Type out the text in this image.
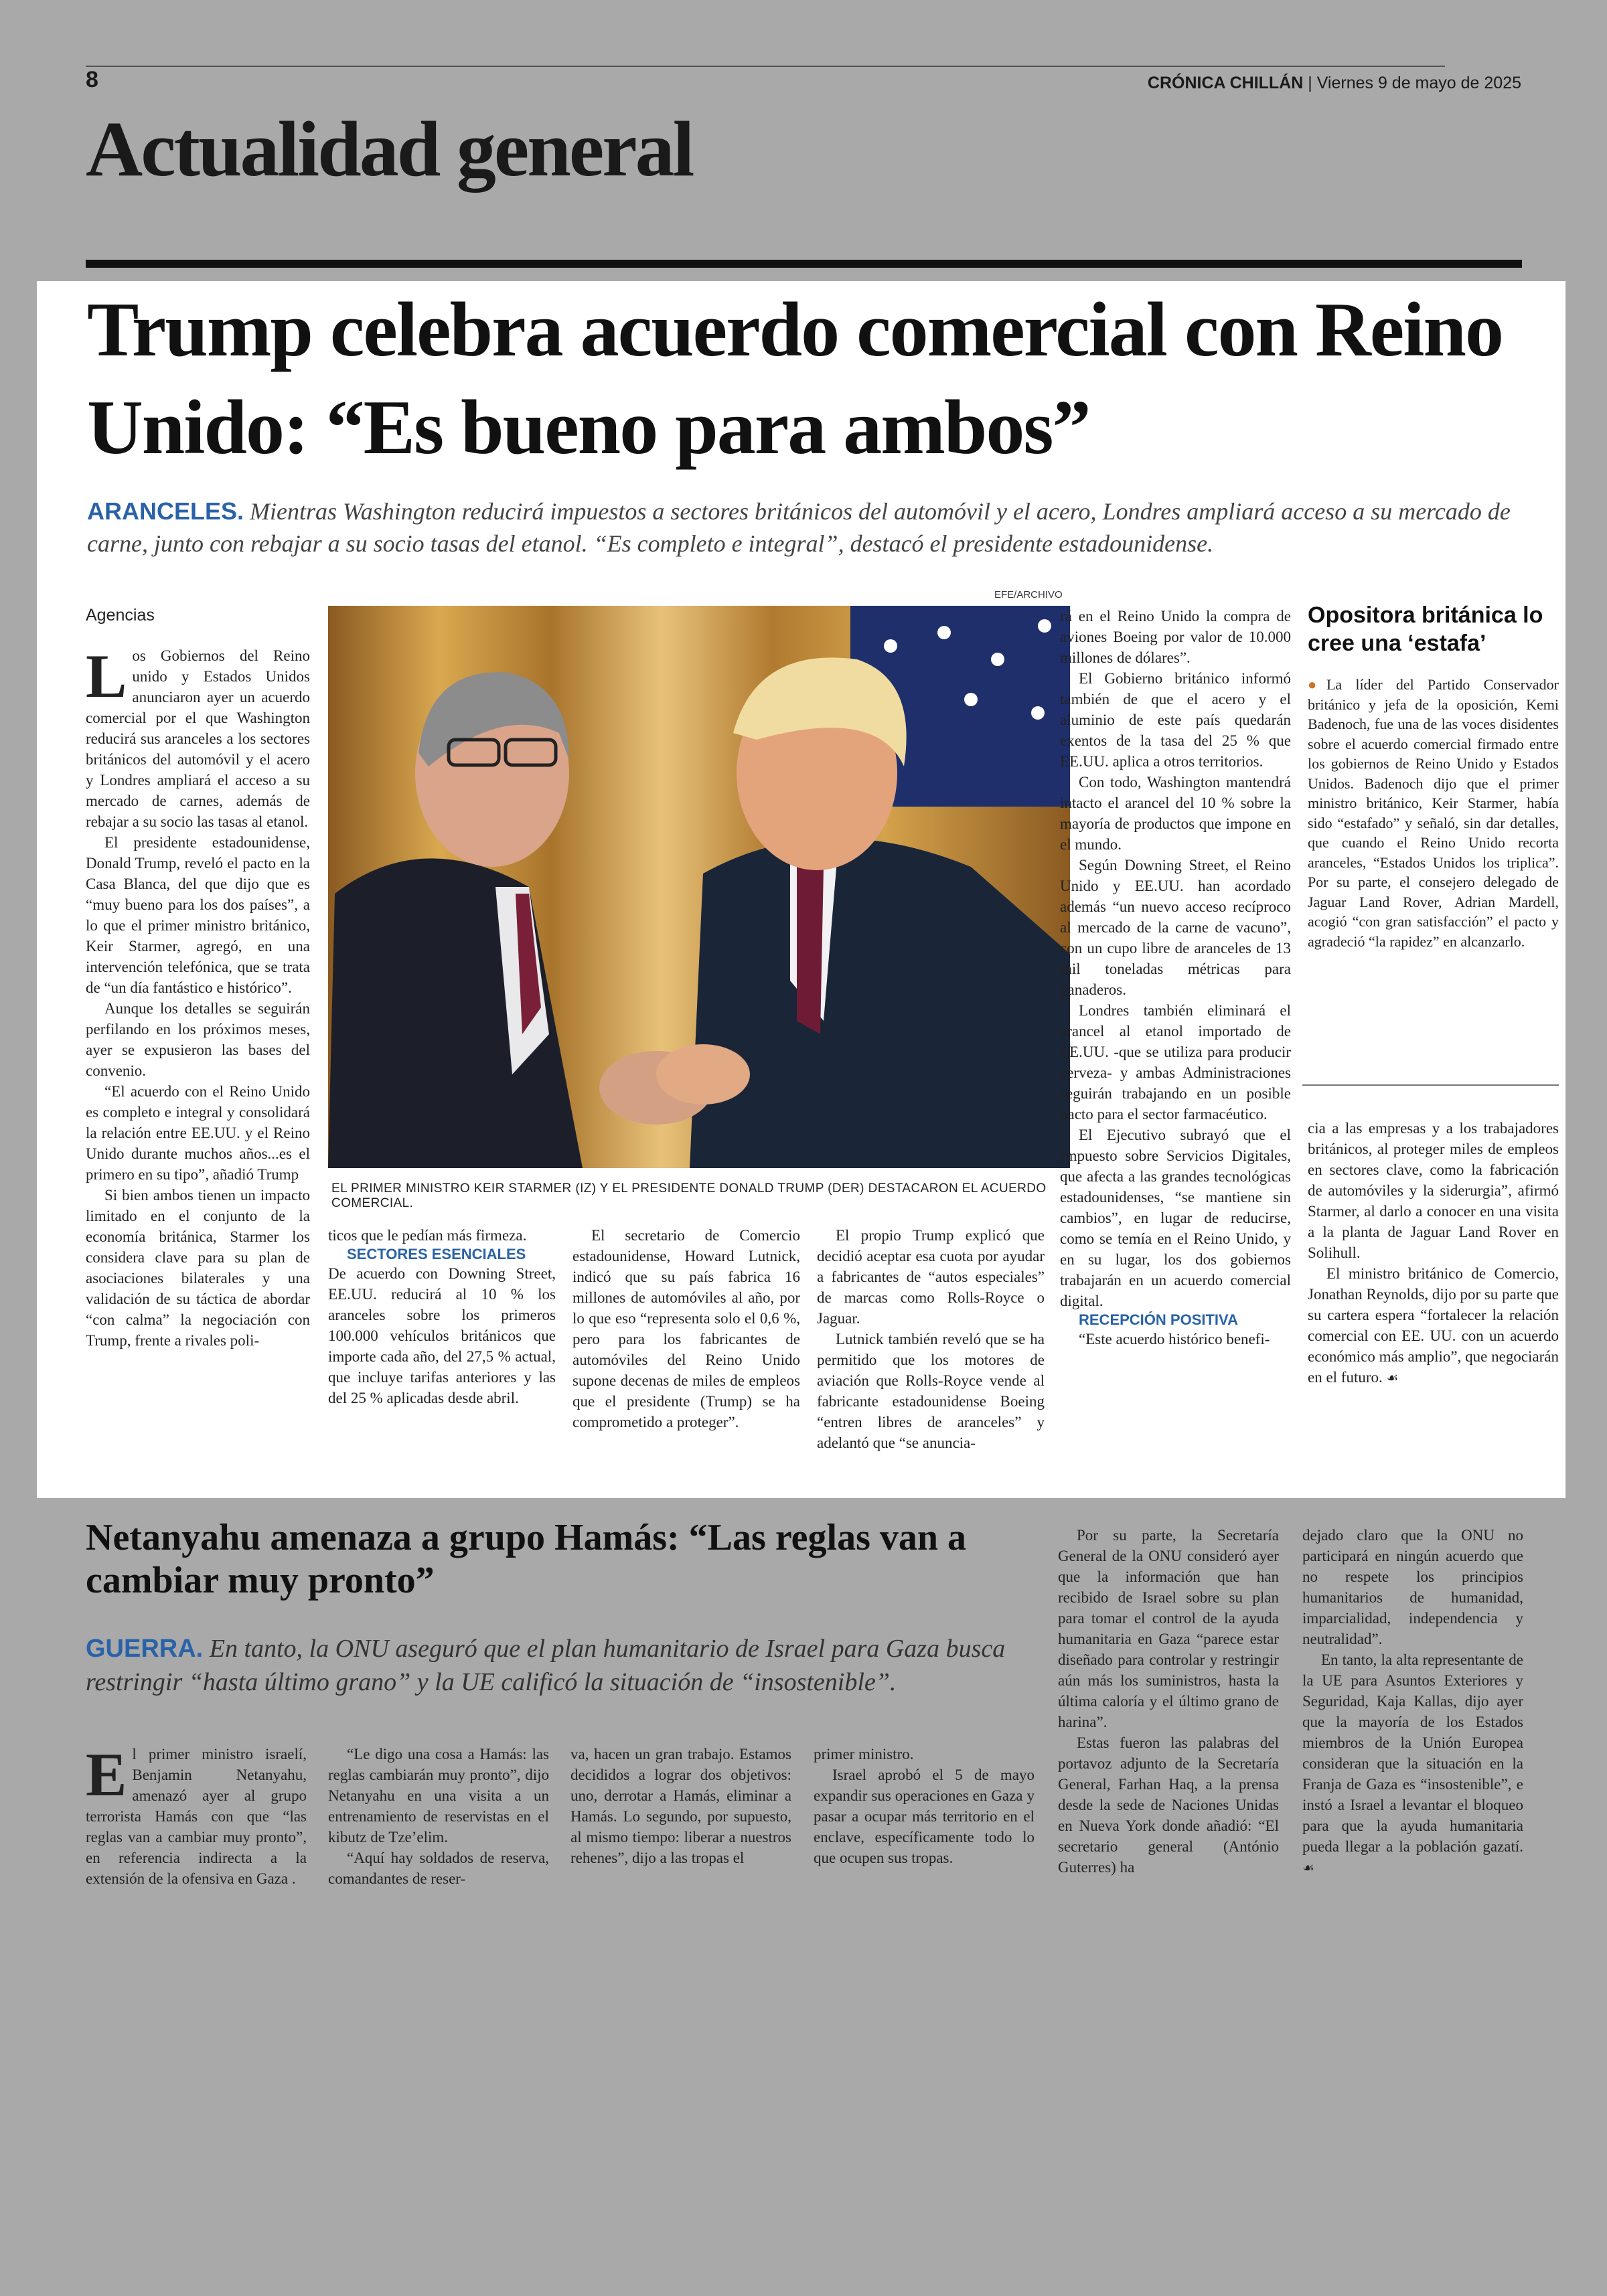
8	CRÓNICA CHILLÁN | Viernes 9 de mayo de 2025
Actualidad general
Trump celebra acuerdo comercial con Reino Unido: “Es bueno para ambos”
ARANCELES. Mientras Washington reducirá impuestos a sectores británicos del automóvil y el acero, Londres ampliará acceso a su mercado de carne, junto con rebajar a su socio tasas del etanol. “Es completo e integral”, destacó el presidente estadounidense.

Agencias

Los Gobiernos del Reino unido y Estados Unidos anunciaron ayer un acuerdo comercial por el que Washington reducirá sus aranceles a los sectores británicos del automóvil y el acero y Londres ampliará el acceso a su mercado de carnes, además de rebajar a su socio las tasas al etanol.

El presidente estadounidense, Donald Trump, reveló el pacto en la Casa Blanca, del que dijo que es “muy bueno para los dos países”, a lo que el primer ministro británico, Keir Starmer, agregó, en una intervención telefónica, que se trata de “un día fantástico e histórico”.

Aunque los detalles se seguirán perfilando en los próximos meses, ayer se expusieron las bases del convenio.

“El acuerdo con el Reino Unido es completo e integral y consolidará la relación entre EE.UU. y el Reino Unido durante muchos años...es el primero en su tipo”, añadió Trump

Si bien ambos tienen un impacto limitado en el conjunto de la economía británica, Starmer los considera clave para su plan de asociaciones bilaterales y una validación de su táctica de abordar “con calma” la negociación con Trump, frente a rivales poli-

EFE/ARCHIVO
EL PRIMER MINISTRO KEIR STARMER (IZ) Y EL PRESIDENTE DONALD TRUMP (DER) DESTACARON EL ACUERDO COMERCIAL.

ticos que le pedían más firmeza.

SECTORES ESENCIALES

De acuerdo con Downing Street, EE.UU. reducirá al 10 % los aranceles sobre los primeros 100.000 vehículos británicos que importe cada año, del 27,5 % actual, que incluye tarifas anteriores y las del 25 % aplicadas desde abril.

El secretario de Comercio estadounidense, Howard Lutnick, indicó que su país fabrica 16 millones de automóviles al año, por lo que eso “representa solo el 0,6 %, pero para los fabricantes de automóviles del Reino Unido supone decenas de miles de empleos que el presidente (Trump) se ha comprometido a proteger”.

El propio Trump explicó que decidió aceptar esa cuota por ayudar a fabricantes de “autos especiales” de marcas como Rolls-Royce o Jaguar.

Lutnick también reveló que se ha permitido que los motores de aviación que Rolls-Royce vende al fabricante estadounidense Boeing “entren libres de aranceles” y adelantó que “se anuncia-

rá en el Reino Unido la compra de aviones Boeing por valor de 10.000 millones de dólares”.

El Gobierno británico informó también de que el acero y el aluminio de este país quedarán exentos de la tasa del 25 % que EE.UU. aplica a otros territorios.

Con todo, Washington mantendrá intacto el arancel del 10 % sobre la mayoría de productos que impone en el mundo.

Según Downing Street, el Reino Unido y EE.UU. han acordado además “un nuevo acceso recíproco al mercado de la carne de vacuno”, con un cupo libre de aranceles de 13 mil toneladas métricas para ganaderos.

Londres también eliminará el arancel al etanol importado de EE.UU. -que se utiliza para producir cerveza- y ambas Administraciones seguirán trabajando en un posible pacto para el sector farmacéutico.

El Ejecutivo subrayó que el Impuesto sobre Servicios Digitales, que afecta a las grandes tecnológicas estadounidenses, “se mantiene sin cambios”, en lugar de reducirse, como se temía en el Reino Unido, y en su lugar, los dos gobiernos trabajarán en un acuerdo comercial digital.

RECEPCIÓN POSITIVA

“Este acuerdo histórico benefi-

Opositora británica lo cree una ‘estafa’

●La líder del Partido Conservador británico y jefa de la oposición, Kemi Badenoch, fue una de las voces disidentes sobre el acuerdo comercial firmado entre los gobiernos de Reino Unido y Estados Unidos. Badenoch dijo que el primer ministro británico, Keir Starmer, había sido “estafado” y señaló, sin dar detalles, que cuando el Reino Unido recorta aranceles, “Estados Unidos los triplica”. Por su parte, el consejero delegado de Jaguar Land Rover, Adrian Mardell, acogió “con gran satisfacción” el pacto y agradeció “la rapidez” en alcanzarlo.

cia a las empresas y a los trabajadores británicos, al proteger miles de empleos en sectores clave, como la fabricación de automóviles y la siderurgia”, afirmó Starmer, al darlo a conocer en una visita a la planta de Jaguar Land Rover en Solihull.

El ministro británico de Comercio, Jonathan Reynolds, dijo por su parte que su cartera espera “fortalecer la relación comercial con EE. UU. con un acuerdo económico más amplio”, que negociarán en el futuro. ☙

Netanyahu amenaza a grupo Hamás: “Las reglas van a cambiar muy pronto”
GUERRA. En tanto, la ONU aseguró que el plan humanitario de Israel para Gaza busca restringir “hasta último grano” y la UE calificó la situación de “insostenible”.

El primer ministro israelí, Benjamin Netanyahu, amenazó ayer al grupo terrorista Hamás con que “las reglas van a cambiar muy pronto”, en referencia indirecta a la extensión de la ofensiva en Gaza .

“Le digo una cosa a Hamás: las reglas cambiarán muy pronto”, dijo Netanyahu en una visita a un entrenamiento de reservistas en el kibutz de Tze’elim.

“Aquí hay soldados de reserva, comandantes de reser-

va, hacen un gran trabajo. Estamos decididos a lograr dos objetivos: uno, derrotar a Hamás, eliminar a Hamás. Lo segundo, por supuesto, al mismo tiempo: liberar a nuestros rehenes”, dijo a las tropas el

primer ministro.

Israel aprobó el 5 de mayo expandir sus operaciones en Gaza y pasar a ocupar más territorio en el enclave, específicamente todo lo que ocupen sus tropas.

Por su parte, la Secretaría General de la ONU consideró ayer que la información que han recibido de Israel sobre su plan para tomar el control de la ayuda humanitaria en Gaza “parece estar diseñado para controlar y restringir aún más los suministros, hasta la última caloría y el último grano de harina”.

Estas fueron las palabras del portavoz adjunto de la Secretaría General, Farhan Haq, a la prensa desde la sede de Naciones Unidas en Nueva York donde añadió: “El secretario general (António Guterres) ha

dejado claro que la ONU no participará en ningún acuerdo que no respete los principios humanitarios de humanidad, imparcialidad, independencia y neutralidad”.

En tanto, la alta representante de la UE para Asuntos Exteriores y Seguridad, Kaja Kallas, dijo ayer que la mayoría de los Estados miembros de la Unión Europea consideran que la situación en la Franja de Gaza es “insostenible”, e instó a Israel a levantar el bloqueo para que la ayuda humanitaria pueda llegar a la población gazatí. ☙
